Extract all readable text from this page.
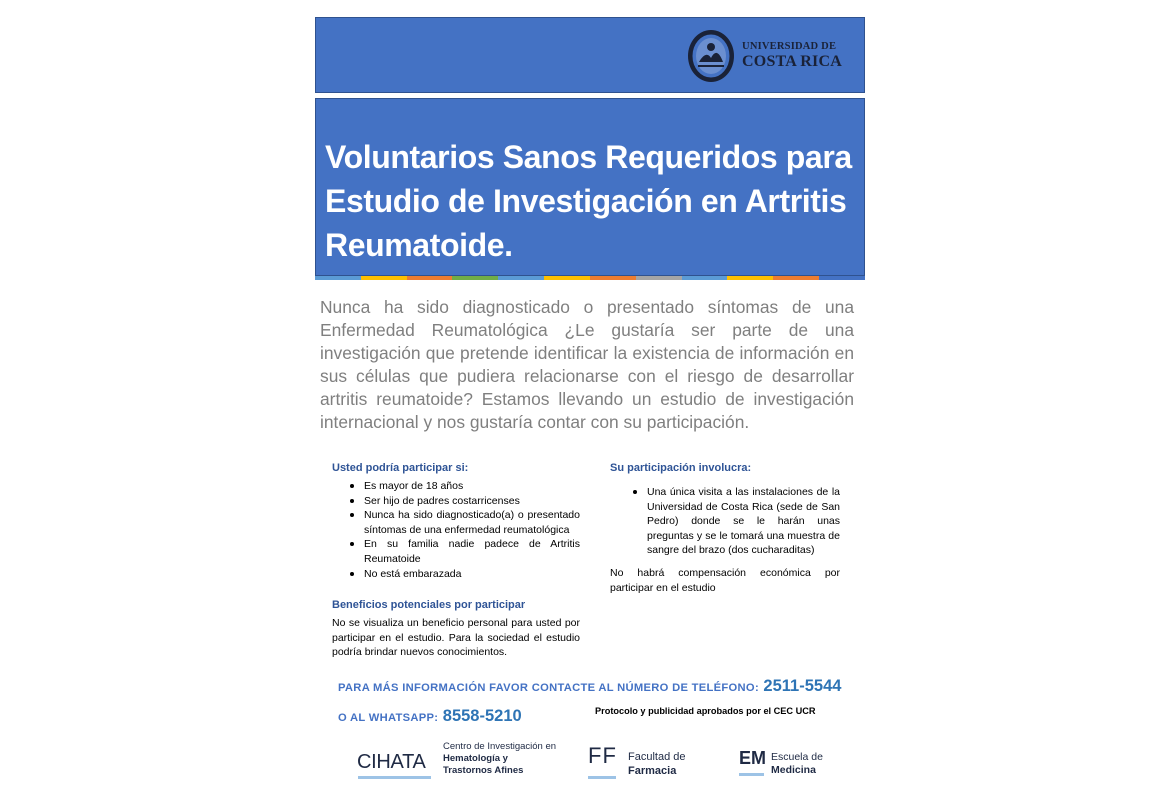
UNIVERSIDAD DE
COSTA RICA
Voluntarios Sanos Requeridos para Estudio de Investigación en Artritis Reumatoide.

Nunca ha sido diagnosticado o presentado síntomas de una Enfermedad Reumatológica ¿Le gustaría ser parte de una investigación que pretende identificar la existencia de información en sus células que pudiera relacionarse con el riesgo de desarrollar artritis reumatoide? Estamos llevando un estudio de investigación internacional y nos gustaría contar con su participación.

Usted podría participar si:

Es mayor de 18 años
Ser hijo de padres costarricenses
Nunca ha sido diagnosticado(a) o presentado síntomas de una enfermedad reumatológica
En su familia nadie padece de Artritis Reumatoide
No está embarazada

Beneficios potenciales por participar

No se visualiza un beneficio personal para usted por participar en el estudio. Para la sociedad el estudio podría brindar nuevos conocimientos.

Su participación involucra:

Una única visita a las instalaciones de la Universidad de Costa Rica (sede de San Pedro) donde se le harán unas preguntas y se le tomará una muestra de sangre del brazo (dos cucharaditas)

No habrá compensación económica por participar en el estudio

PARA MÁS INFORMACIÓN FAVOR CONTACTE AL NÚMERO DE TELÉFONO: 2511-5544
O AL WHATSAPP: 8558-5210	Protocolo y publicidad aprobados por el CEC UCR
CIHATA
Centro de Investigación en
Hematología y
Trastornos Afines
FF Facultad de
Farmacia
EM Escuela de
Medicina
